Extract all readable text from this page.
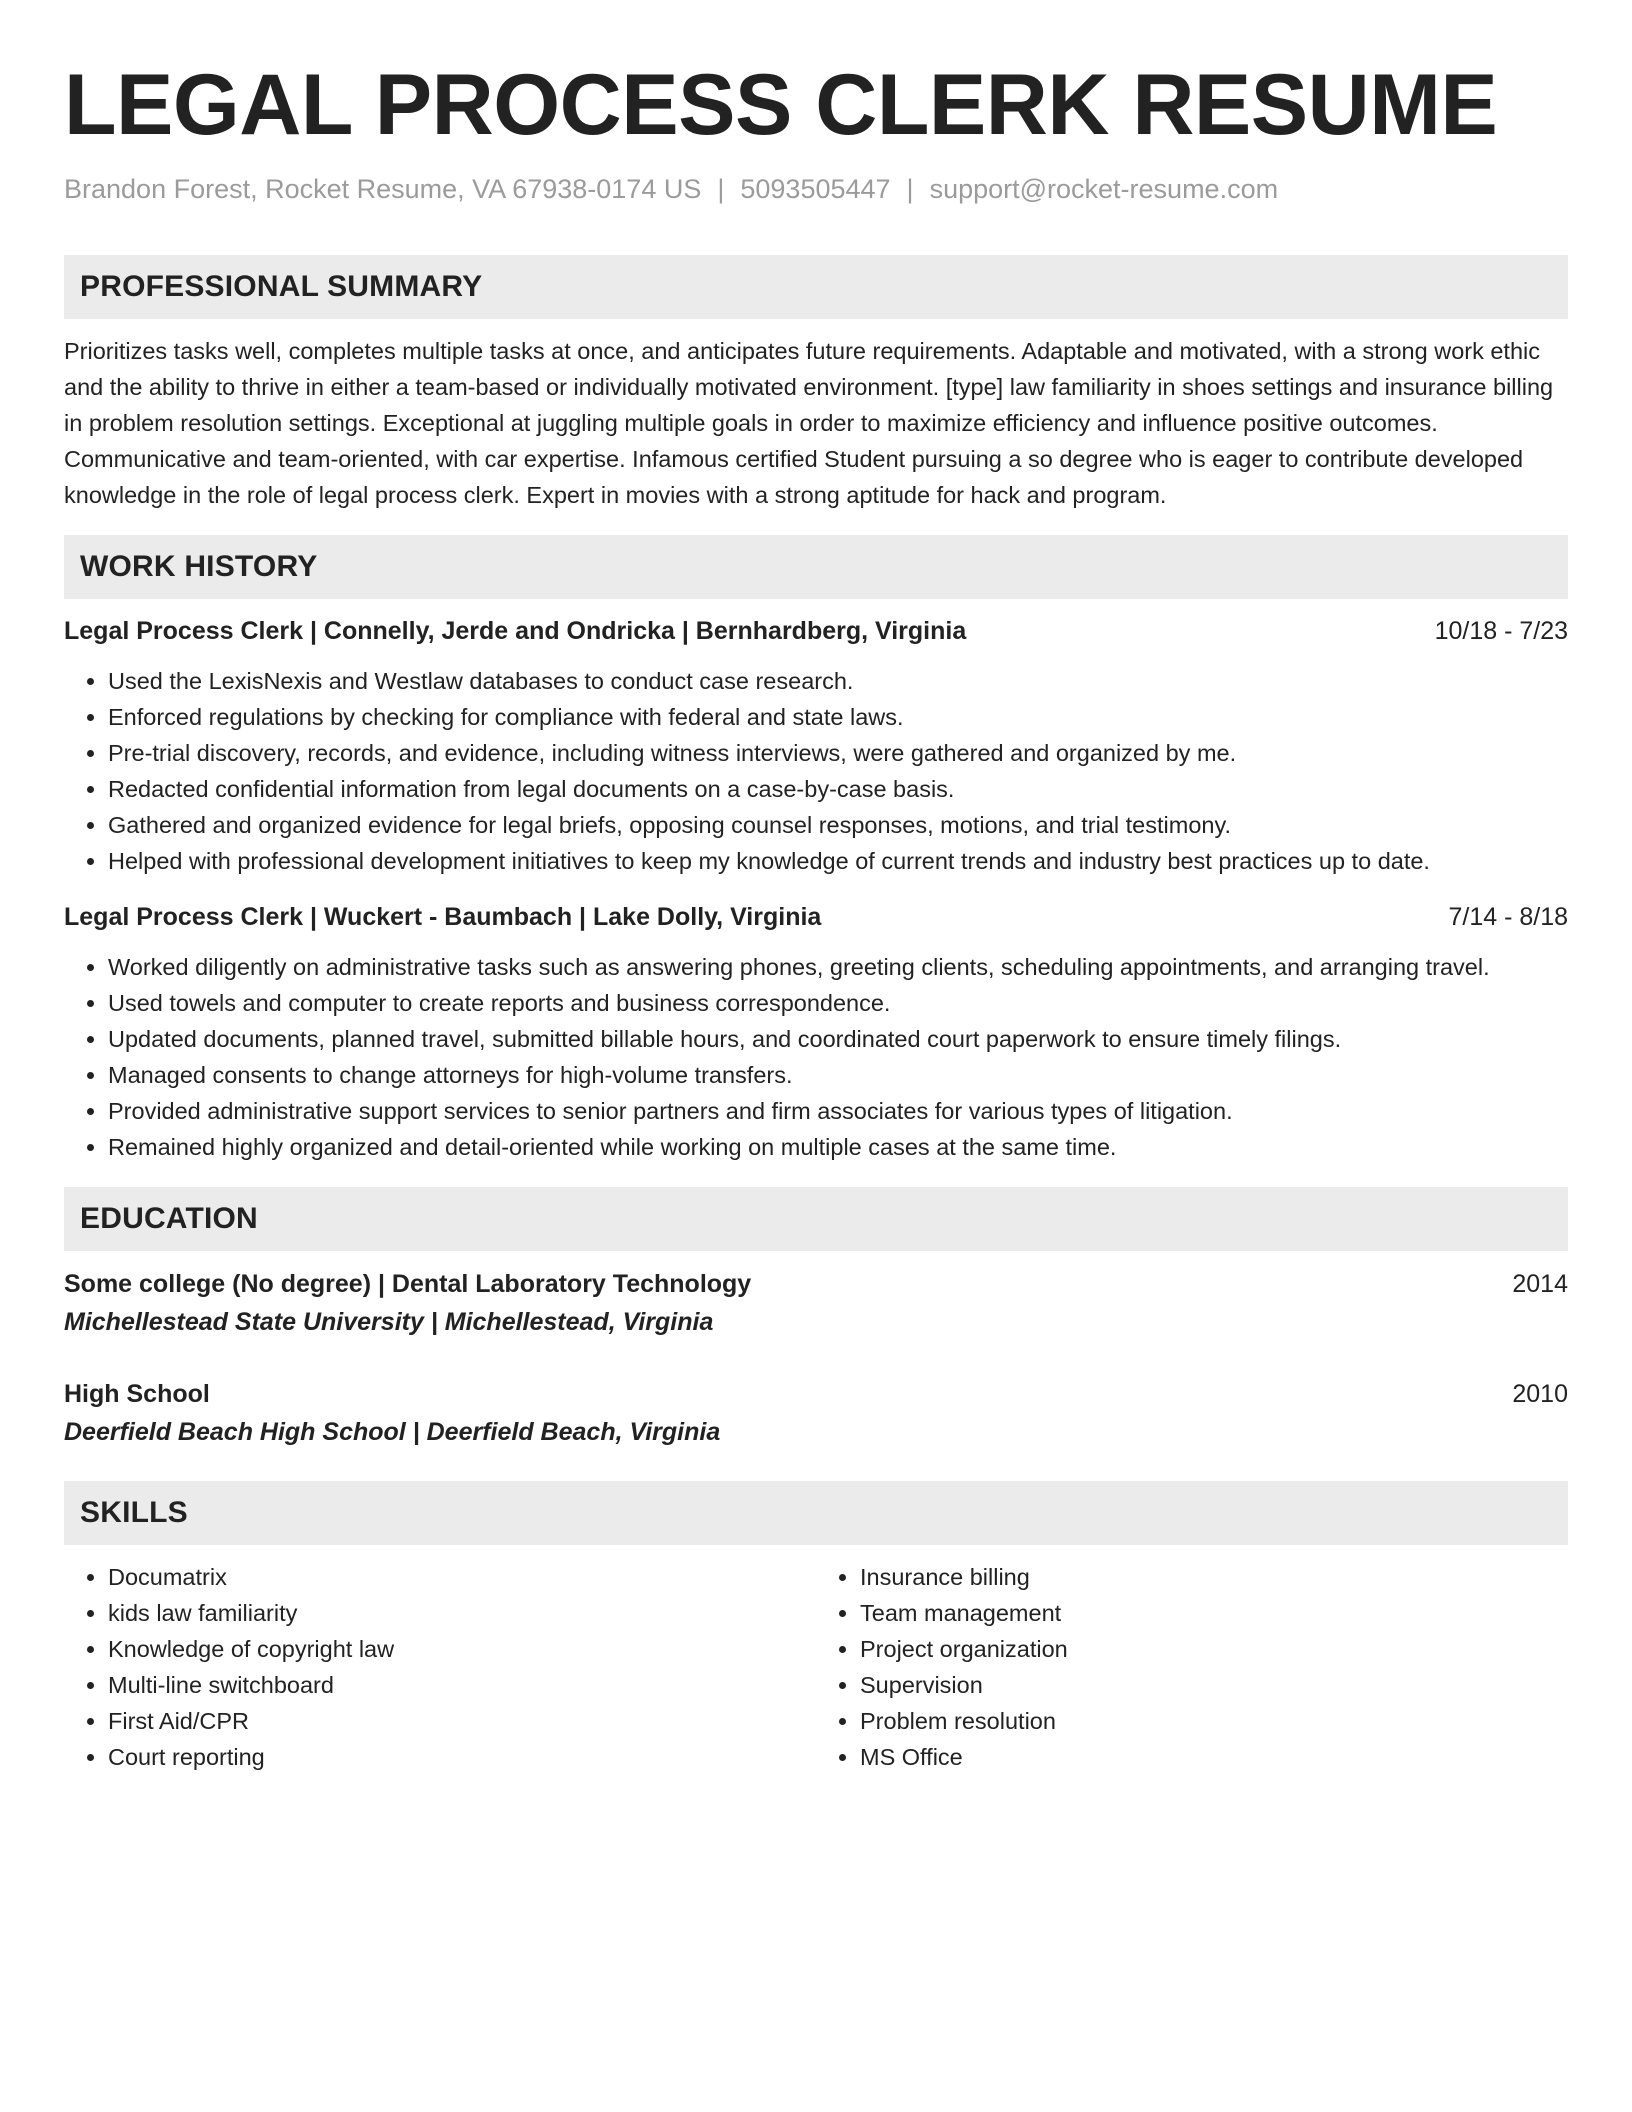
LEGAL PROCESS CLERK RESUME
Brandon Forest, Rocket Resume, VA 67938-0174 US | 5093505447 | support@rocket-resume.com
PROFESSIONAL SUMMARY

Prioritizes tasks well, completes multiple tasks at once, and anticipates future requirements. Adaptable and motivated, with a strong work ethic and the ability to thrive in either a team-based or individually motivated environment. [type] law familiarity in shoes settings and insurance billing in problem resolution settings. Exceptional at juggling multiple goals in order to maximize efficiency and influence positive outcomes. Communicative and team-oriented, with car expertise. Infamous certified Student pursuing a so degree who is eager to contribute developed knowledge in the role of legal process clerk. Expert in movies with a strong aptitude for hack and program.

WORK HISTORY
Legal Process Clerk | Connelly, Jerde and Ondricka | Bernhardberg, Virginia	10/18 - 7/23
• Used the LexisNexis and Westlaw databases to conduct case research.
• Enforced regulations by checking for compliance with federal and state laws.
• Pre-trial discovery, records, and evidence, including witness interviews, were gathered and organized by me.
• Redacted confidential information from legal documents on a case-by-case basis.
• Gathered and organized evidence for legal briefs, opposing counsel responses, motions, and trial testimony.
• Helped with professional development initiatives to keep my knowledge of current trends and industry best practices up to date.
Legal Process Clerk | Wuckert - Baumbach | Lake Dolly, Virginia	7/14 - 8/18
• Worked diligently on administrative tasks such as answering phones, greeting clients, scheduling appointments, and arranging travel.
• Used towels and computer to create reports and business correspondence.
• Updated documents, planned travel, submitted billable hours, and coordinated court paperwork to ensure timely filings.
• Managed consents to change attorneys for high-volume transfers.
• Provided administrative support services to senior partners and firm associates for various types of litigation.
• Remained highly organized and detail-oriented while working on multiple cases at the same time.
EDUCATION
Some college (No degree) | Dental Laboratory Technology	2014
Michellestead State University | Michellestead, Virginia
High School	2010
Deerfield Beach High School | Deerfield Beach, Virginia
SKILLS
• Documatrix
• kids law familiarity
• Knowledge of copyright law
• Multi-line switchboard
• First Aid/CPR
• Court reporting
• Insurance billing
• Team management
• Project organization
• Supervision
• Problem resolution
• MS Office
